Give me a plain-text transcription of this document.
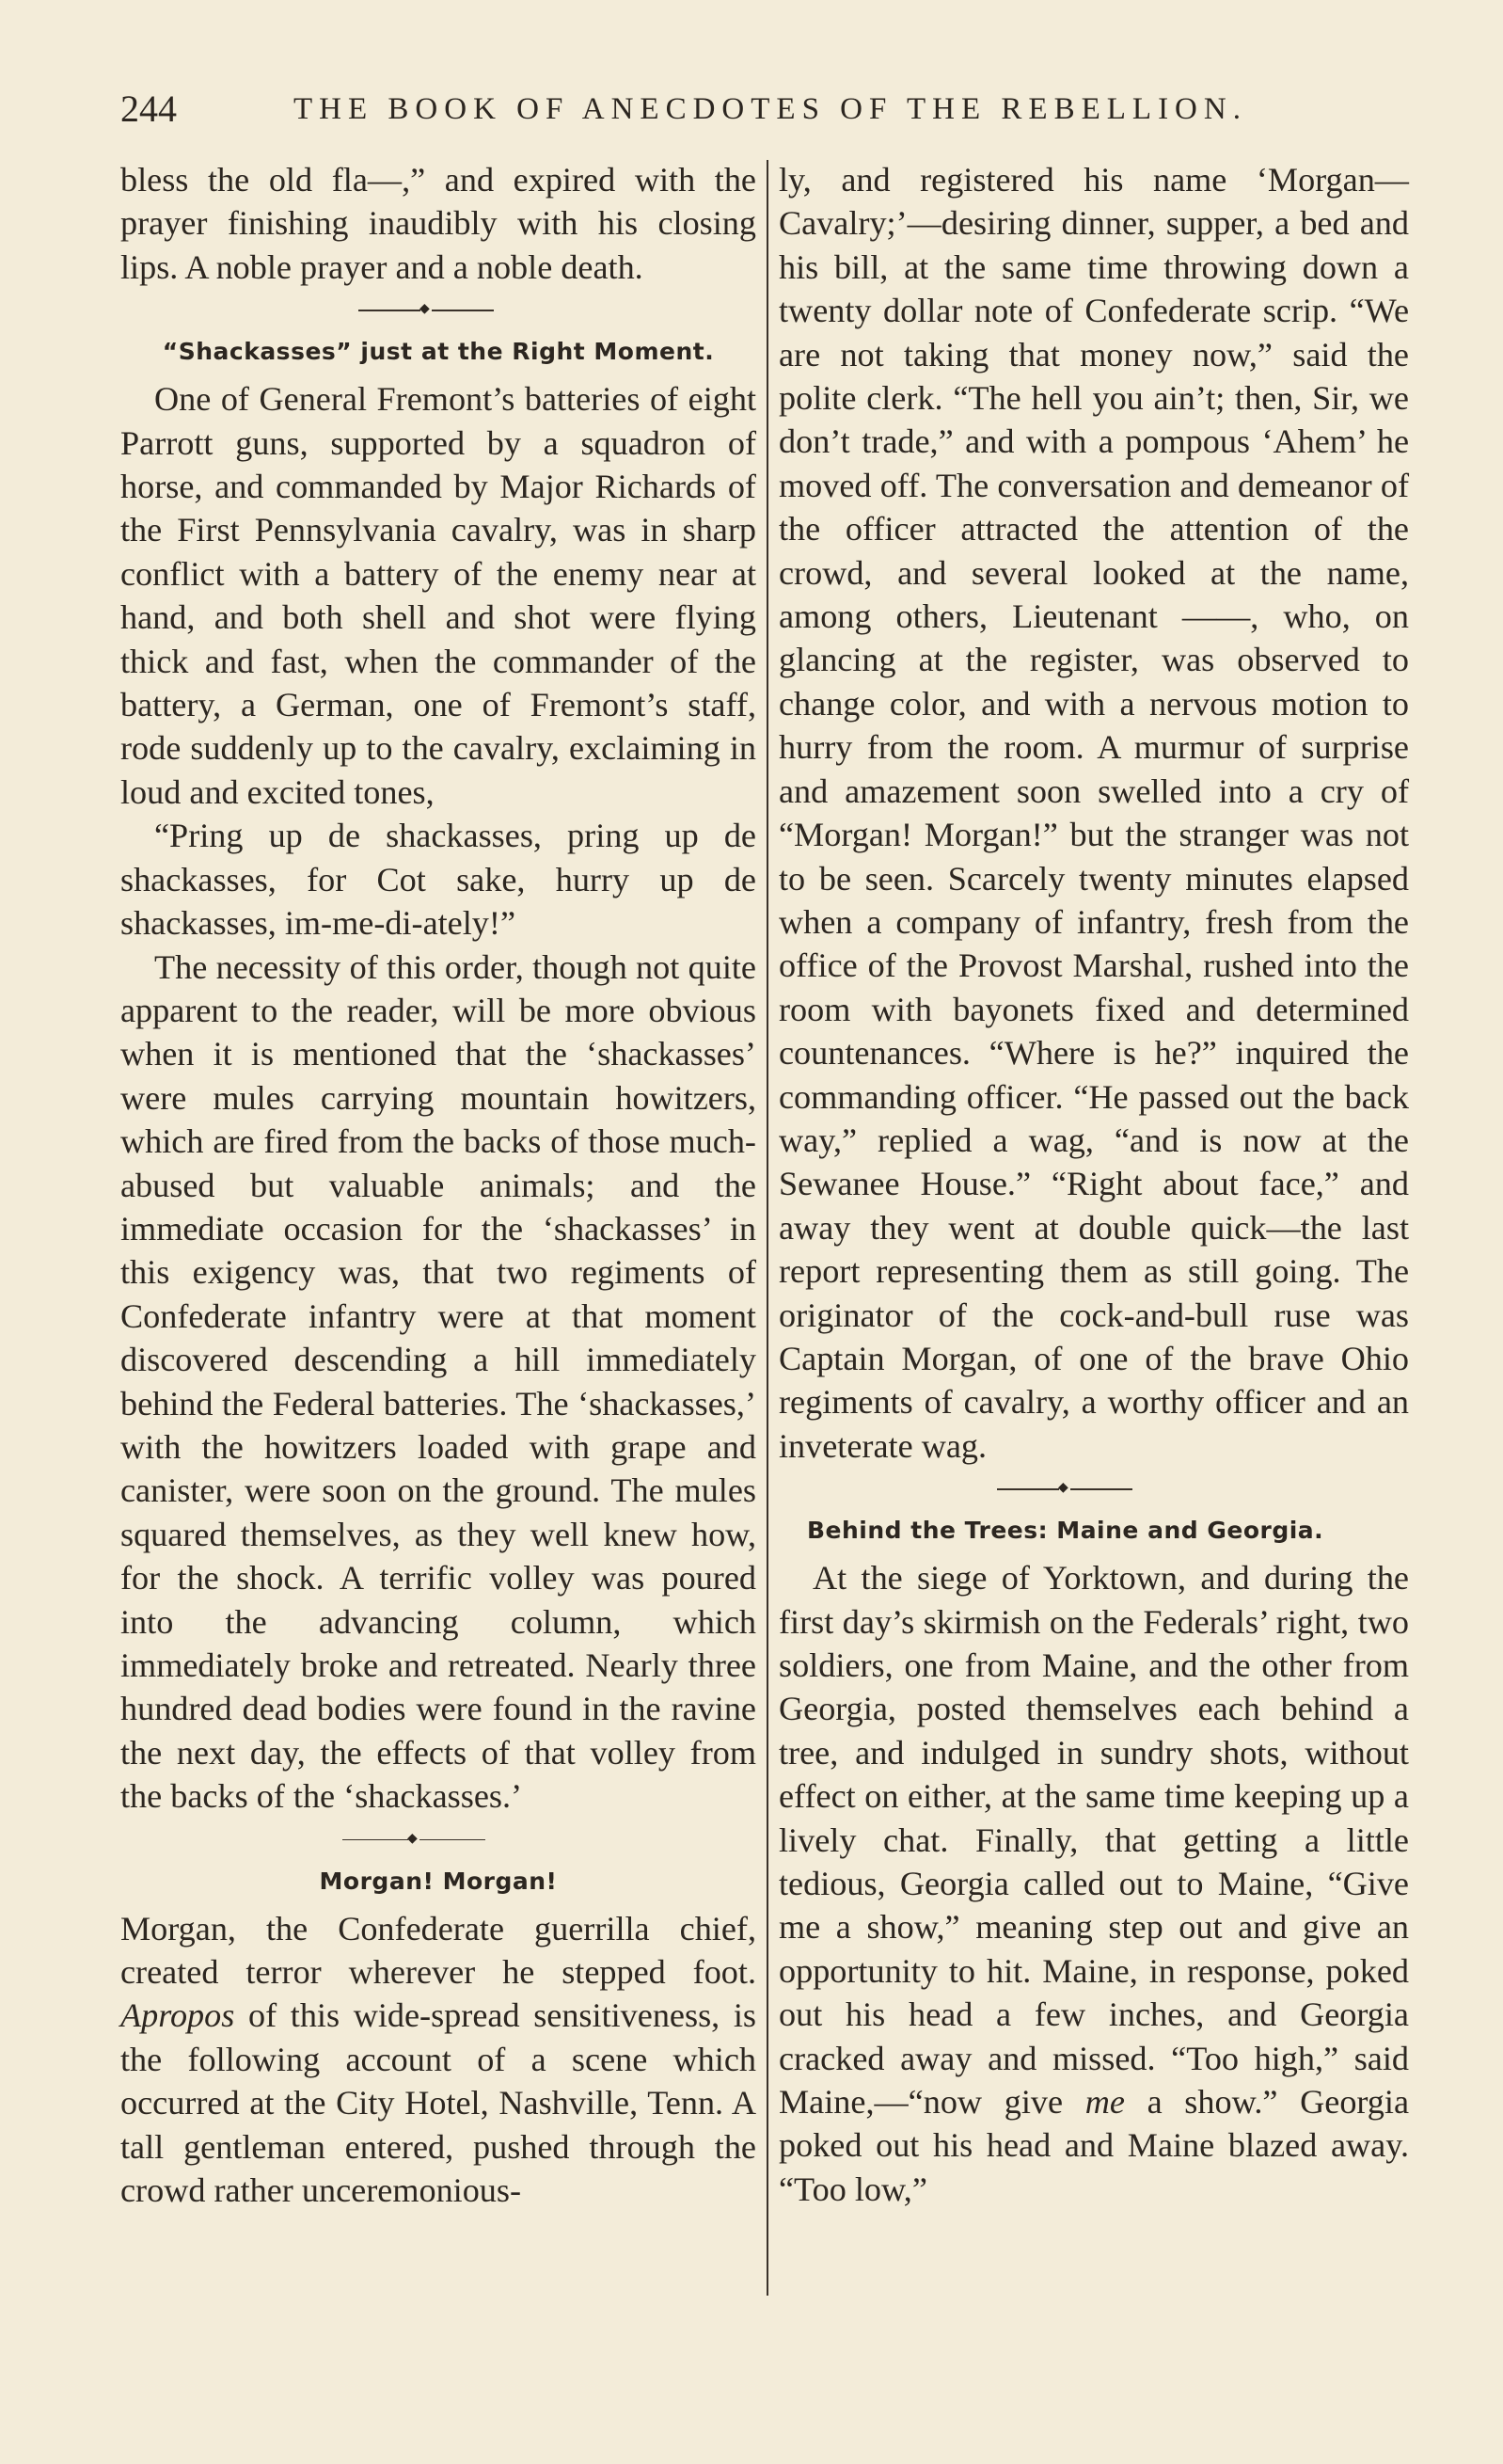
244	THE BOOK OF ANECDOTES OF THE REBELLION.

bless the old fla—,” and expired with the prayer finishing inaudibly with his closing lips. A noble prayer and a noble death.

◆
“Shackasses” just at the Right Moment.

One of General Fremont’s batteries of eight Parrott guns, supported by a squadron of horse, and commanded by Major Richards of the First Pennsylvania cavalry, was in sharp conflict with a battery of the enemy near at hand, and both shell and shot were flying thick and fast, when the commander of the battery, a German, one of Fremont’s staff, rode suddenly up to the cavalry, exclaiming in loud and excited tones,

“Pring up de shackasses, pring up de shackasses, for Cot sake, hurry up de shackasses, im-me-di-ately!”

The necessity of this order, though not quite apparent to the reader, will be more obvious when it is mentioned that the ‘shackasses’ were mules carrying mountain howitzers, which are fired from the backs of those much-abused but valuable animals; and the immediate occasion for the ‘shackasses’ in this exigency was, that two regiments of Confederate infantry were at that moment discovered descending a hill immediately behind the Federal batteries. The ‘shackasses,’ with the howitzers loaded with grape and canister, were soon on the ground. The mules squared themselves, as they well knew how, for the shock. A terrific volley was poured into the advancing column, which immediately broke and retreated. Nearly three hundred dead bodies were found in the ravine the next day, the effects of that volley from the backs of the ‘shackasses.’

◆
Morgan! Morgan!

Morgan, the Confederate guerrilla chief, created terror wherever he stepped foot. Apropos of this wide-spread sensitiveness, is the following account of a scene which occurred at the City Hotel, Nashville, Tenn. A tall gentleman entered, pushed through the crowd rather unceremonious-

ly, and registered his name ‘Morgan—Cavalry;’—desiring dinner, supper, a bed and his bill, at the same time throwing down a twenty dollar note of Confederate scrip. “We are not taking that money now,” said the polite clerk. “The hell you ain’t; then, Sir, we don’t trade,” and with a pompous ‘Ahem’ he moved off. The conversation and demeanor of the officer attracted the attention of the crowd, and several looked at the name, among others, Lieutenant ——, who, on glancing at the register, was observed to change color, and with a nervous motion to hurry from the room. A murmur of surprise and amazement soon swelled into a cry of “Morgan! Morgan!” but the stranger was not to be seen. Scarcely twenty minutes elapsed when a company of infantry, fresh from the office of the Provost Marshal, rushed into the room with bayonets fixed and determined countenances. “Where is he?” inquired the commanding officer. “He passed out the back way,” replied a wag, “and is now at the Sewanee House.” “Right about face,” and away they went at double quick—the last report representing them as still going. The originator of the cock-and-bull ruse was Captain Morgan, of one of the brave Ohio regiments of cavalry, a worthy officer and an inveterate wag.

◆
Behind the Trees: Maine and Georgia.

At the siege of Yorktown, and during the first day’s skirmish on the Federals’ right, two soldiers, one from Maine, and the other from Georgia, posted themselves each behind a tree, and indulged in sundry shots, without effect on either, at the same time keeping up a lively chat. Finally, that getting a little tedious, Georgia called out to Maine, “Give me a show,” meaning step out and give an opportunity to hit. Maine, in response, poked out his head a few inches, and Georgia cracked away and missed. “Too high,” said Maine,—“now give me a show.” Georgia poked out his head and Maine blazed away. “Too low,”
